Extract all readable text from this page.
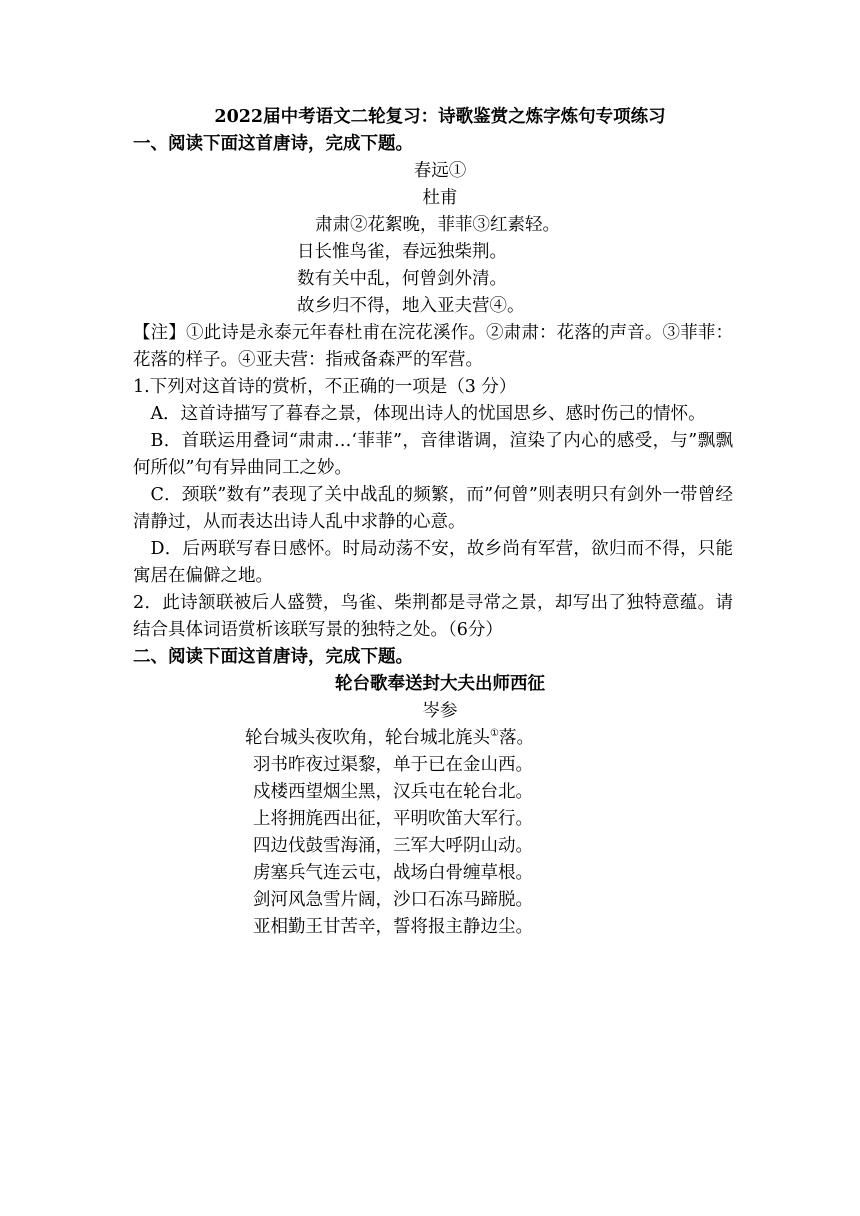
2022届中考语文二轮复习：诗歌鉴赏之炼字炼句专项练习
一、阅读下面这首唐诗，完成下题。
春远①
杜甫
肃肃②花絮晚，菲菲③红素轻。
日长惟鸟雀，春远独柴荆。
数有关中乱，何曾剑外清。
故乡归不得，地入亚夫营④。
【注】①此诗是永泰元年春杜甫在浣花溪作。②肃肃：花落的声音。③菲菲：花落的样子。④亚夫营：指戒备森严的军营。
1.下列对这首诗的赏析，不正确的一项是（3 分）
A．这首诗描写了暮春之景，体现出诗人的忧国思乡、感时伤己的情怀。
B．首联运用叠词“肃肃…‘菲菲”，音律谐调，渲染了内心的感受，与”飘飘何所似”句有异曲同工之妙。
C．颈联”数有”表现了关中战乱的频繁，而”何曾”则表明只有剑外一带曾经清静过，从而表达出诗人乱中求静的心意。
D．后两联写春日感怀。时局动荡不安，故乡尚有军营，欲归而不得，只能寓居在偏僻之地。
2．此诗颔联被后人盛赞，鸟雀、柴荆都是寻常之景，却写出了独特意蕴。请结合具体词语赏析该联写景的独特之处。（6分）
二、阅读下面这首唐诗，完成下题。
轮台歌奉送封大夫出师西征
岑参
轮台城头夜吹角，轮台城北旄头①落。
羽书昨夜过渠黎，单于已在金山西。
戍楼西望烟尘黑，汉兵屯在轮台北。
上将拥旄西出征，平明吹笛大军行。
四边伐鼓雪海涌，三军大呼阴山动。
虏塞兵气连云屯，战场白骨缠草根。
剑河风急雪片阔，沙口石冻马蹄脱。
亚相勤王甘苦辛，誓将报主静边尘。
